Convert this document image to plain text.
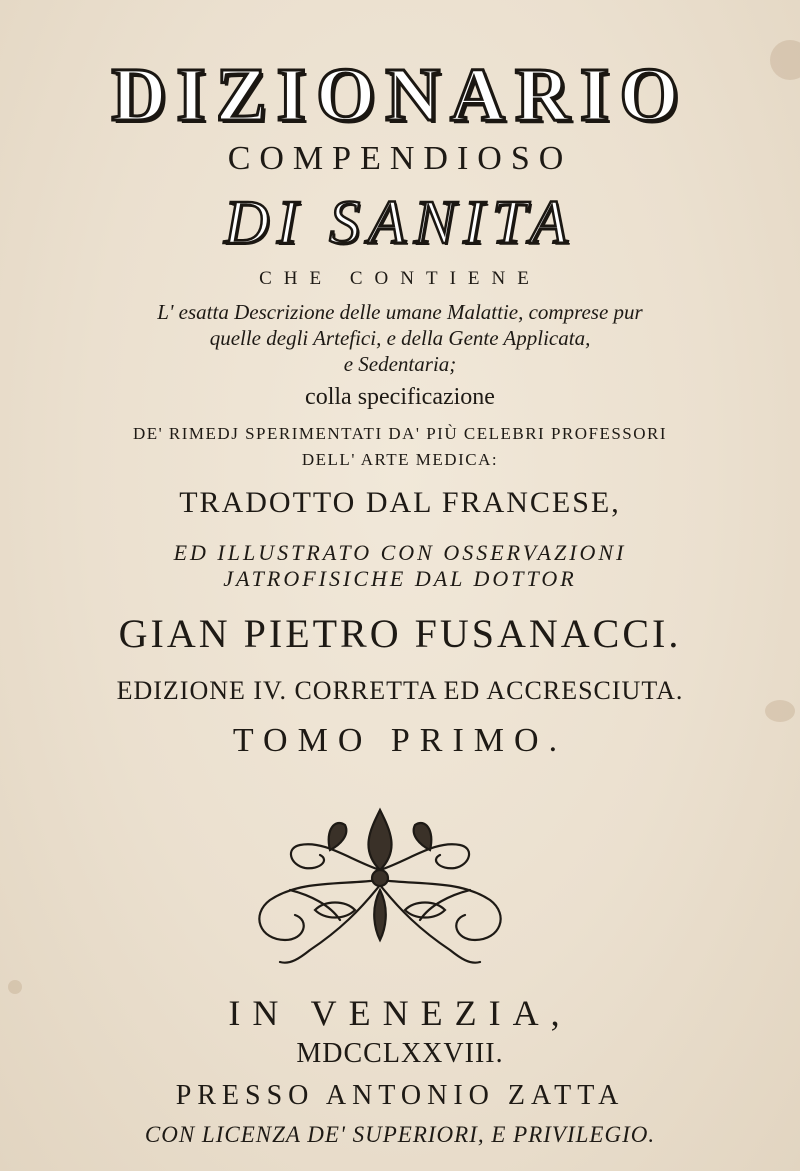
DIZIONARIO
COMPENDIOSO
DI SANITA
CHE CONTIENE
L' esatta Descrizione delle umane Malattie, comprese pur
quelle degli Artefici, e della Gente Applicata,
e Sedentaria;
colla specificazione
DE' RIMEDJ SPERIMENTATI DA' PIÙ CELEBRI PROFESSORI
DELL' ARTE MEDICA:
TRADOTTO DAL FRANCESE,
ED ILLUSTRATO CON OSSERVAZIONI
JATROFISICHE DAL DOTTOR
GIAN PIETRO FUSANACCI.
EDIZIONE IV. CORRETTA ED ACCRESCIUTA.
TOMO PRIMO.
IN VENEZIA,
MDCCLXXVIII.
PRESSO ANTONIO ZATTA
CON LICENZA DE' SUPERIORI, E PRIVILEGIO.
